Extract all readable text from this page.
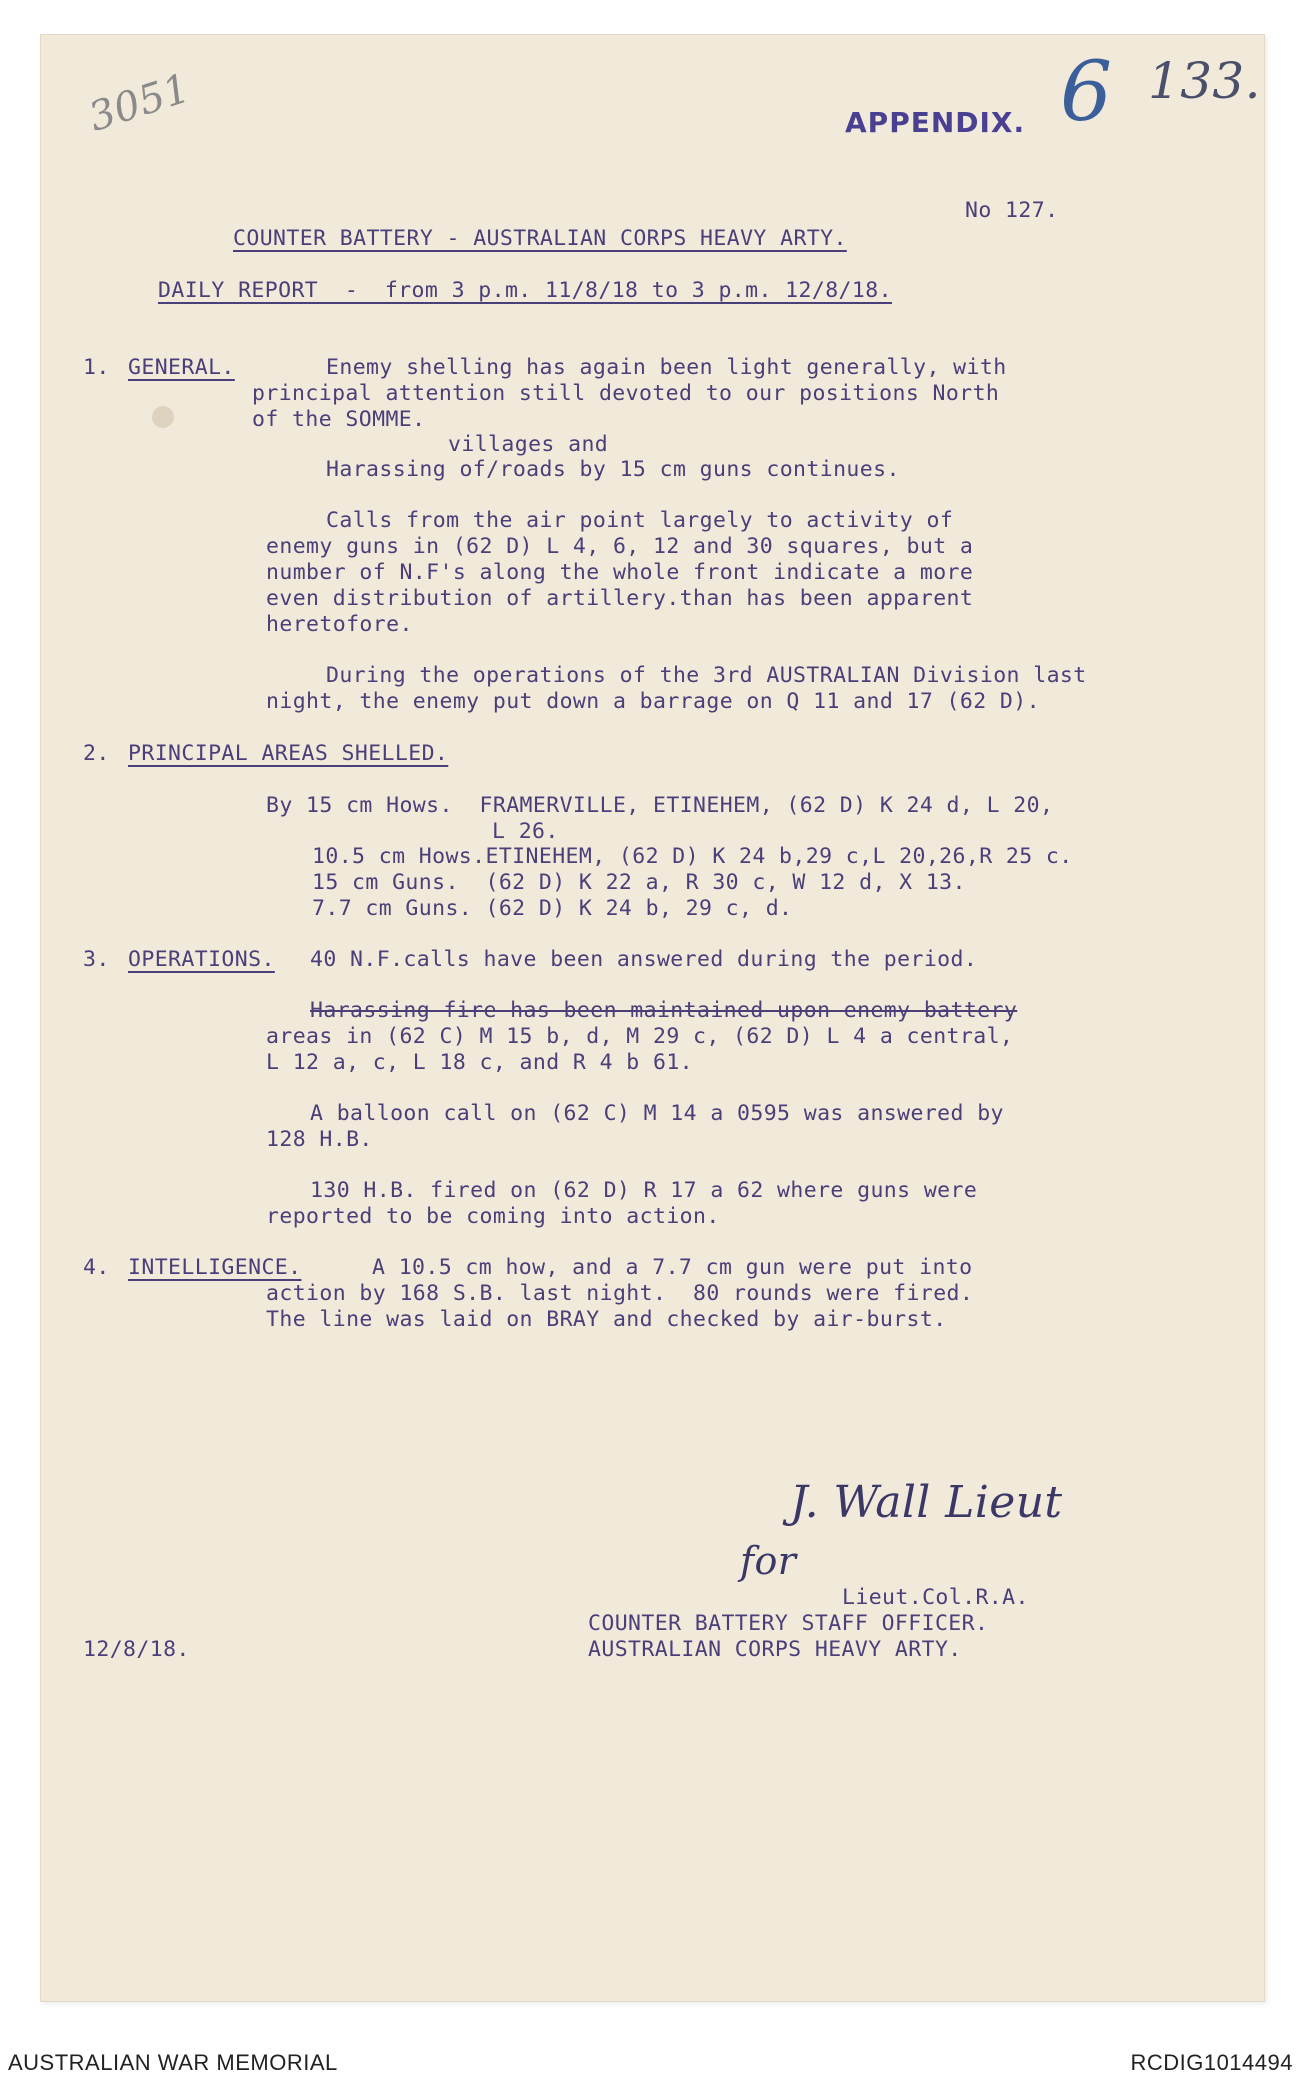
3051	APPENDIX. 6 133.
No 127.
COUNTER BATTERY - AUSTRALIAN CORPS HEAVY ARTY.
DAILY REPORT  -  from 3 p.m. 11/8/18 to 3 p.m. 12/8/18.
1. GENERAL.	Enemy shelling has again been light generally, with
principal attention still devoted to our positions North
of the SOMME.
villages and
Harassing of/roads by 15 cm guns continues.
Calls from the air point largely to activity of
enemy guns in (62 D) L 4, 6, 12 and 30 squares, but a
number of N.F's along the whole front indicate a more
even distribution of artillery.than has been apparent
heretofore.
During the operations of the 3rd AUSTRALIAN Division last
night, the enemy put down a barrage on Q 11 and 17 (62 D).
2. PRINCIPAL AREAS SHELLED.
By 15 cm Hows.  FRAMERVILLE, ETINEHEM, (62 D) K 24 d, L 20,
L 26.
10.5 cm Hows.ETINEHEM, (62 D) K 24 b,29 c,L 20,26,R 25 c.
15 cm Guns.  (62 D) K 22 a, R 30 c, W 12 d, X 13.
7.7 cm Guns. (62 D) K 24 b, 29 c, d.
3. OPERATIONS. 40 N.F.calls have been answered during the period.
Harassing fire has been maintained upon enemy battery
areas in (62 C) M 15 b, d, M 29 c, (62 D) L 4 a central,
L 12 a, c, L 18 c, and R 4 b 61.
A balloon call on (62 C) M 14 a 0595 was answered by
128 H.B.
130 H.B. fired on (62 D) R 17 a 62 where guns were
reported to be coming into action.
4. INTELLIGENCE.	A 10.5 cm how, and a 7.7 cm gun were put into
action by 168 S.B. last night.  80 rounds were fired.
The line was laid on BRAY and checked by air-burst.
J. Wall Lieut
for
Lieut.Col.R.A.
COUNTER BATTERY STAFF OFFICER.
AUSTRALIAN CORPS HEAVY ARTY.
12/8/18.
AUSTRALIAN WAR MEMORIAL	RCDIG1014494
